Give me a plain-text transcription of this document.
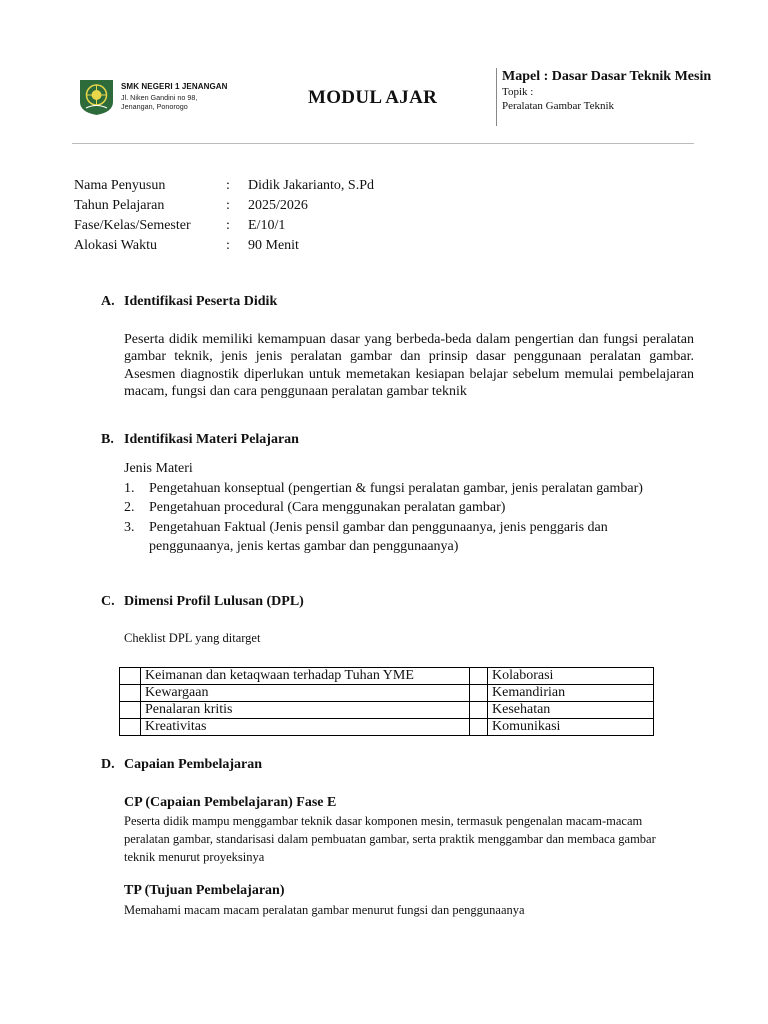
SMK NEGERI 1 JENANGAN
Jl. Niken Gandini no 98,
Jenangan, Ponorogo	MODUL AJAR
Mapel : Dasar Dasar Teknik Mesin
Topik :
Peralatan Gambar Teknik
Nama Penyusun	: Didik Jakarianto, S.Pd
Tahun Pelajaran	: 2025/2026
Fase/Kelas/Semester	: E/10/1
Alokasi Waktu	: 90 Menit
A. Identifikasi Peserta Didik
Peserta didik memiliki kemampuan dasar yang berbeda-beda dalam pengertian dan fungsi peralatan gambar teknik, jenis jenis peralatan gambar dan prinsip dasar penggunaan peralatan gambar. Asesmen diagnostik diperlukan untuk memetakan kesiapan belajar sebelum memulai pembelajaran macam, fungsi dan cara penggunaan peralatan gambar teknik
B. Identifikasi Materi Pelajaran
Jenis Materi
1. Pengetahuan konseptual (pengertian & fungsi peralatan gambar, jenis peralatan gambar)
2. Pengetahuan procedural (Cara menggunakan peralatan gambar)
3. Pengetahuan Faktual (Jenis pensil gambar dan penggunaanya, jenis penggaris dan penggunaanya, jenis kertas gambar dan penggunaanya)
C. Dimensi Profil Lulusan (DPL)
Cheklist DPL yang ditarget
	Keimanan dan ketaqwaan terhadap Tuhan YME		Kolaborasi
	Kewargaan		Kemandirian
	Penalaran kritis		Kesehatan
	Kreativitas		Komunikasi
D. Capaian Pembelajaran
CP (Capaian Pembelajaran) Fase E
Peserta didik mampu menggambar teknik dasar komponen mesin, termasuk pengenalan macam-macam peralatan gambar, standarisasi dalam pembuatan gambar, serta praktik menggambar dan membaca gambar teknik menurut proyeksinya
TP (Tujuan Pembelajaran)
Memahami macam macam peralatan gambar menurut fungsi dan penggunaanya
